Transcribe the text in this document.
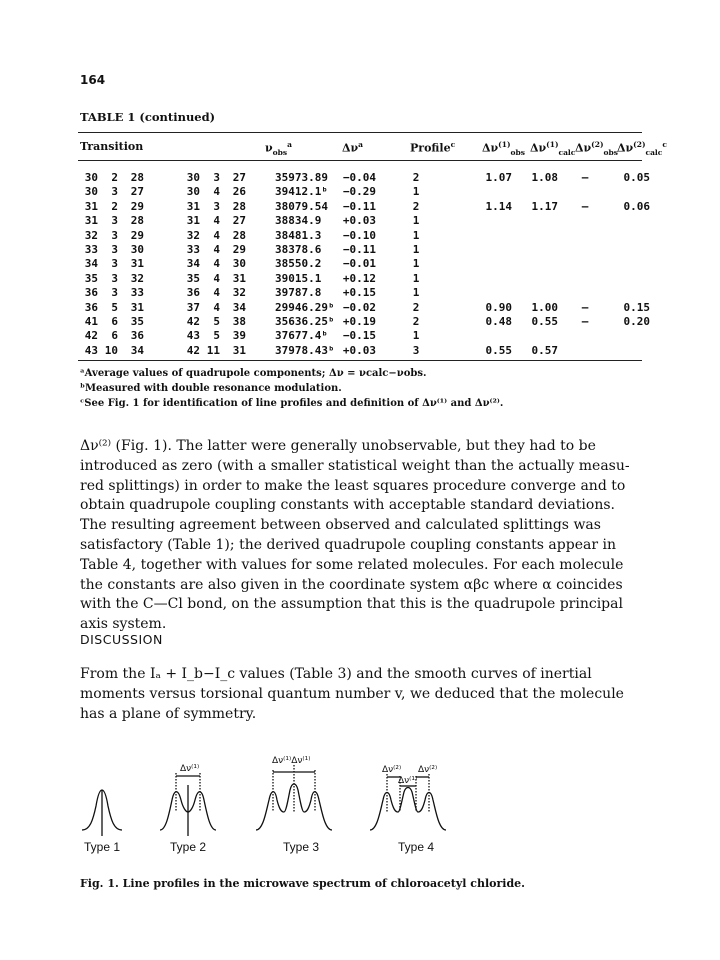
164
TABLE 1 (continued)
Transition	$\nu_{obs}^a$	$\Delta\nu^a$	Profile$^c$ $\Delta\nu^{(1)}_{obs}$ $\Delta\nu^{(1)}_{calc}$ $\Delta\nu^{(2)}_{obs}$ $\Delta\nu^{(2)}_{calc}^c$
30	2	28	30	3	27	35973.89	−0.04	2	1.07	1.08	—	0.05
30	3	27	30	4	26	39412.1ᵇ	−0.29	1
31	2	29	31	3	28	38079.54	−0.11	2	1.14	1.17	—	0.06
31	3	28	31	4	27	38834.9	+0.03	1
32	3	29	32	4	28	38481.3	−0.10	1
33	3	30	33	4	29	38378.6	−0.11	1
34	3	31	34	4	30	38550.2	−0.01	1
35	3	32	35	4	31	39015.1	+0.12	1
36	3	33	36	4	32	39787.8	+0.15	1
36	5	31	37	4	34	29946.29ᵇ −0.02	2	0.90	1.00	—	0.15
41	6	35	42	5	38	35636.25ᵇ +0.19	2	0.48	0.55	—	0.20
42	6	36	43	5	39	37677.4ᵇ	−0.15	1
43 10	34	42 11	31	37978.43ᵇ +0.03	3	0.55	0.57
ᵃAverage values of quadrupole components; Δν = νcalc−νobs.
ᵇMeasured with double resonance modulation.
ᶜSee Fig. 1 for identification of line profiles and definition of Δν⁽¹⁾ and Δν⁽²⁾.
Δν⁽²⁾ (Fig. 1). The latter were generally unobservable, but they had to be
introduced as zero (with a smaller statistical weight than the actually measu-
red splittings) in order to make the least squares procedure converge and to
obtain quadrupole coupling constants with acceptable standard deviations.
The resulting agreement between observed and calculated splittings was
satisfactory (Table 1); the derived quadrupole coupling constants appear in
Table 4, together with values for some related molecules. For each molecule
the constants are also given in the coordinate system αβc where α coincides
with the C—Cl bond, on the assumption that this is the quadrupole principal
axis system.
DISCUSSION
From the Iₐ + I_b−I_c values (Table 3) and the smooth curves of inertial
moments versus torsional quantum number v, we deduced that the molecule
has a plane of symmetry.
Δν⁽¹⁾
Δν⁽¹⁾Δν⁽¹⁾
Δν⁽²⁾ Δν⁽²⁾
Δν⁽¹⁾
Type 1	Type 2	Type 3	Type 4
Fig. 1. Line profiles in the microwave spectrum of chloroacetyl chloride.
